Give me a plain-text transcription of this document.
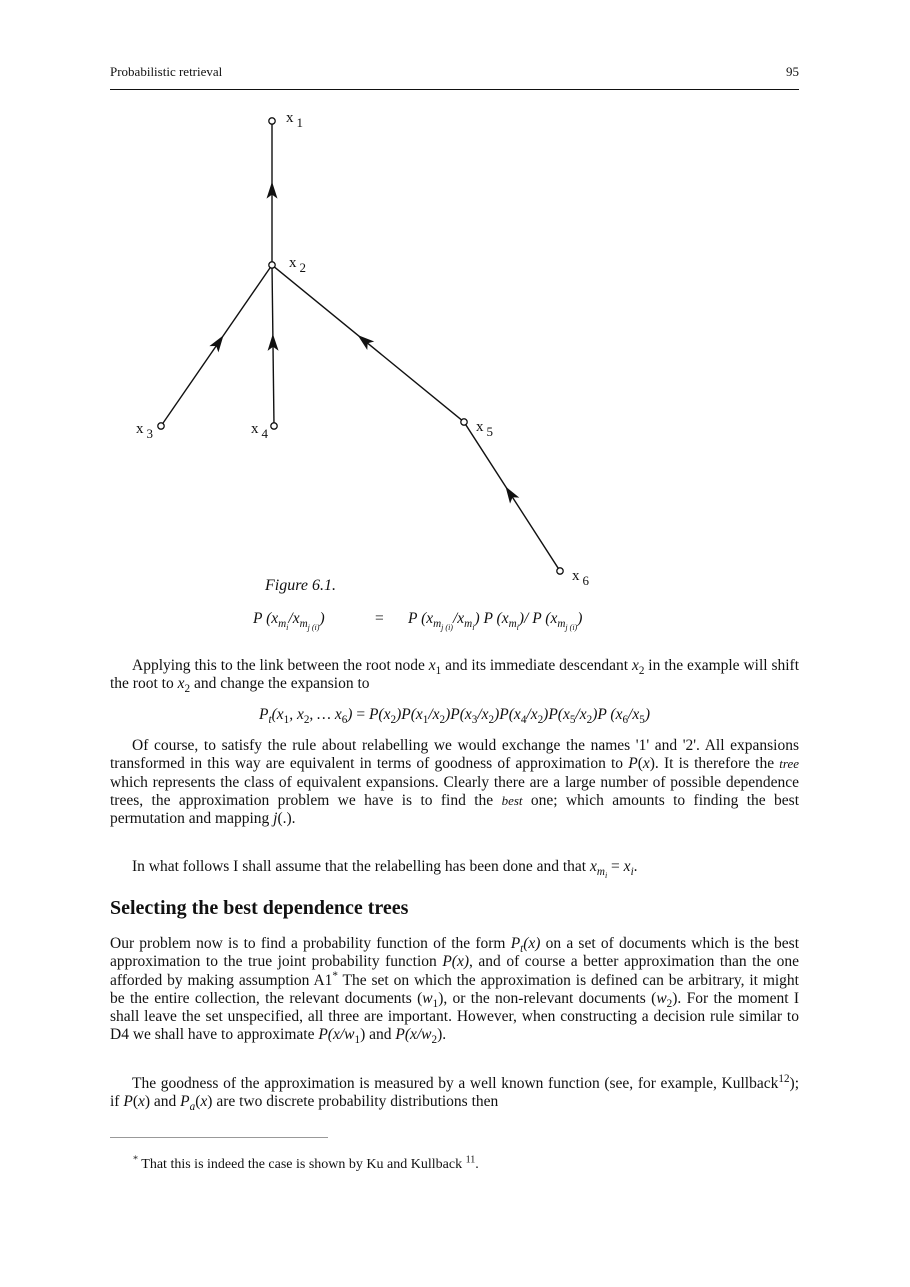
Probabilistic retrieval	95
x 1
x 2
x 3	x 4	x 5
x 6
Figure 6.1.
P $(x_{m_i}/x_{m_{j (i)}})$	= P $(x_{m_{j (i)}}/x_{m_i})$ P $(x_{m_i})/$ P $(x_{m_{j (i)}})$

Applying this to the link between the root node $x_1$ and its immediate descendant $x_2$ in the example will shift the root to $x_2$ and change the expansion to

$P_t(x_1$, $x_2$, … $x_6) = P(x_2)P(x_1/x_2)P(x_3/x_2)P(x_4/x_2)P(x_5/x_2)P$ $(x_6/x_5)$

Of course, to satisfy the rule about relabelling we would exchange the names '1' and '2'. All expansions transformed in this way are equivalent in terms of goodness of approximation to P(x). It is therefore the tree which represents the class of equivalent expansions. Clearly there are a large number of possible dependence trees, the approximation problem we have is to find the best one; which amounts to finding the best permutation and mapping j(.).

In what follows I shall assume that the relabelling has been done and that $x_{m_i} = x_i$.

Selecting the best dependence trees

Our problem now is to find a probability function of the form $P_t(x)$ on a set of documents which is the best approximation to the true joint probability function P(x), and of course a better approximation than the one afforded by making assumption A1* The set on which the approximation is defined can be arbitrary, it might be the entire collection, the relevant documents $(w_1)$, or the non-relevant documents $(w_2)$. For the moment I shall leave the set unspecified, all three are important. However, when constructing a decision rule similar to D4 we shall have to approximate $P(x/w_1)$ and $P(x/w_2)$.

The goodness of the approximation is measured by a well known function (see, for example, Kullback$^{12}$); if P(x) and $P_a(x)$ are two discrete probability distributions then

* That this is indeed the case is shown by Ku and Kullback $^{11}$.
